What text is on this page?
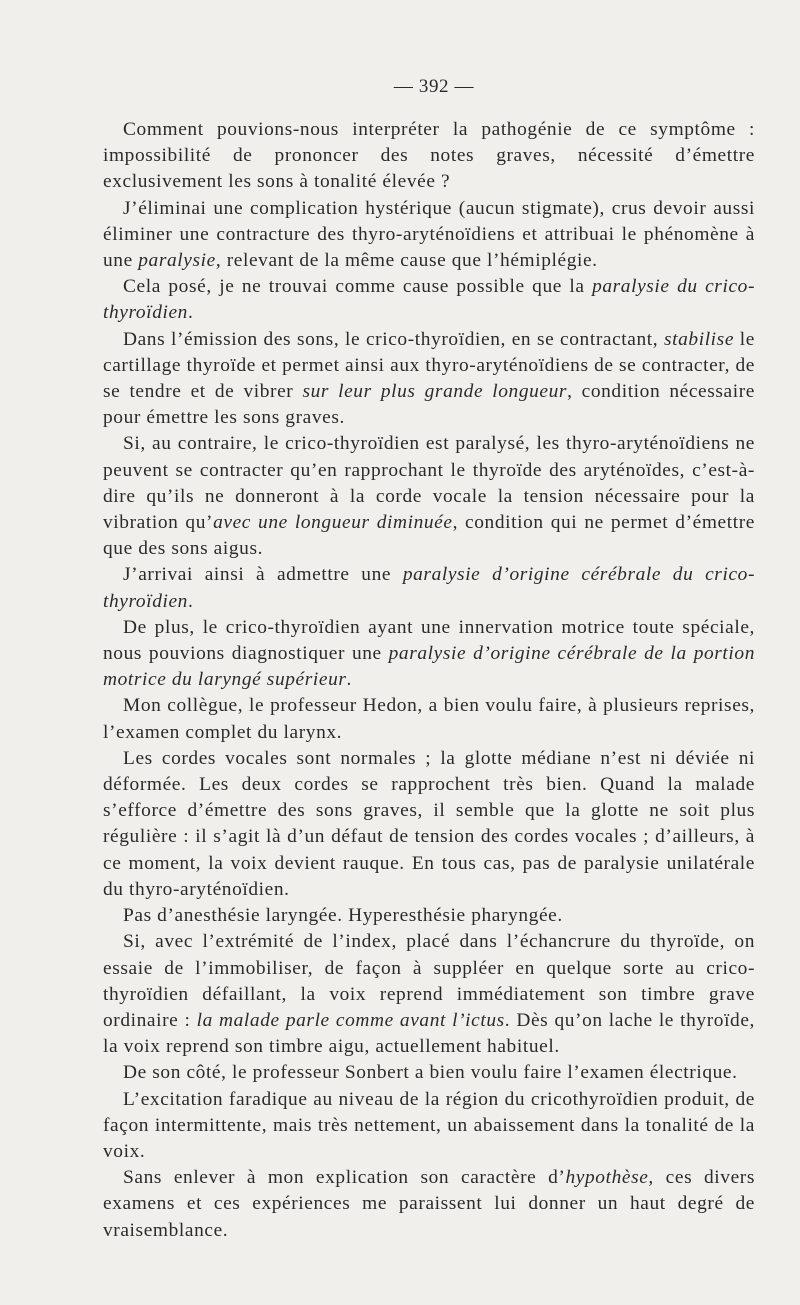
— 392 —

Comment pouvions-nous interpréter la pathogénie de ce symptôme : impossibilité de prononcer des notes graves, nécessité d’émettre exclusivement les sons à tonalité élevée ?

J’éliminai une complication hystérique (aucun stigmate), crus devoir aussi éliminer une contracture des thyro-aryténoïdiens et attribuai le phénomène à une paralysie, relevant de la même cause que l’hémiplégie.

Cela posé, je ne trouvai comme cause possible que la paralysie du crico-thyroïdien.

Dans l’émission des sons, le crico-thyroïdien, en se contractant, stabilise le cartillage thyroïde et permet ainsi aux thyro-aryténoïdiens de se contracter, de se tendre et de vibrer sur leur plus grande longueur, condition nécessaire pour émettre les sons graves.

Si, au contraire, le crico-thyroïdien est paralysé, les thyro-aryténoïdiens ne peuvent se contracter qu’en rapprochant le thyroïde des aryténoïdes, c’est-à-dire qu’ils ne donneront à la corde vocale la tension nécessaire pour la vibration qu’avec une longueur diminuée, condition qui ne permet d’émettre que des sons aigus.

J’arrivai ainsi à admettre une paralysie d’origine cérébrale du crico-thyroïdien.

De plus, le crico-thyroïdien ayant une innervation motrice toute spéciale, nous pouvions diagnostiquer une paralysie d’origine cérébrale de la portion motrice du laryngé supérieur.

Mon collègue, le professeur Hedon, a bien voulu faire, à plusieurs reprises, l’examen complet du larynx.

Les cordes vocales sont normales ; la glotte médiane n’est ni déviée ni déformée. Les deux cordes se rapprochent très bien. Quand la malade s’efforce d’émettre des sons graves, il semble que la glotte ne soit plus régulière : il s’agit là d’un défaut de tension des cordes vocales ; d’ailleurs, à ce moment, la voix devient rauque. En tous cas, pas de paralysie unilatérale du thyro-aryténoïdien.

Pas d’anesthésie laryngée. Hyperesthésie pharyngée.

Si, avec l’extrémité de l’index, placé dans l’échancrure du thyroïde, on essaie de l’immobiliser, de façon à suppléer en quelque sorte au crico-thyroïdien défaillant, la voix reprend immédiatement son timbre grave ordinaire : la malade parle comme avant l’ictus. Dès qu’on lache le thyroïde, la voix reprend son timbre aigu, actuellement habituel.

De son côté, le professeur Sonbert a bien voulu faire l’examen électrique.

L’excitation faradique au niveau de la région du cricothyroïdien produit, de façon intermittente, mais très nettement, un abaissement dans la tonalité de la voix.

Sans enlever à mon explication son caractère d’hypothèse, ces divers examens et ces expériences me paraissent lui donner un haut degré de vraisemblance.
